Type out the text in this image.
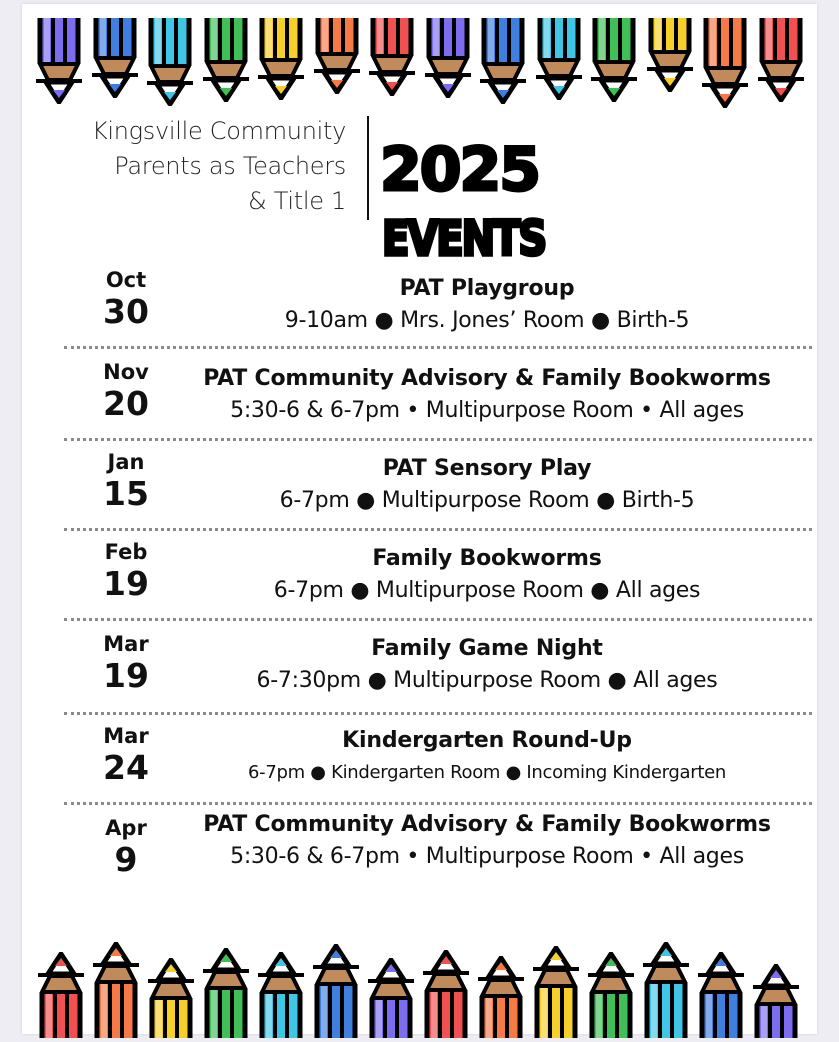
Kingsville Community
Parents as Teachers
& Title 1 2025
EVENTS
Oct
30
PAT Playgroup
9-10am ● Mrs. Jones’ Room ● Birth-5
Nov
20
PAT Community Advisory & Family Bookworms
5:30-6 & 6-7pm • Multipurpose Room • All ages
Jan
15
PAT Sensory Play
6-7pm ● Multipurpose Room ● Birth-5
Feb
19
Family Bookworms
6-7pm ● Multipurpose Room ● All ages
Mar
19
Family Game Night
6-7:30pm ● Multipurpose Room ● All ages
Mar
24
Kindergarten Round-Up
6-7pm ● Kindergarten Room ● Incoming Kindergarten
Apr
9
PAT Community Advisory & Family Bookworms
5:30-6 & 6-7pm • Multipurpose Room • All ages
